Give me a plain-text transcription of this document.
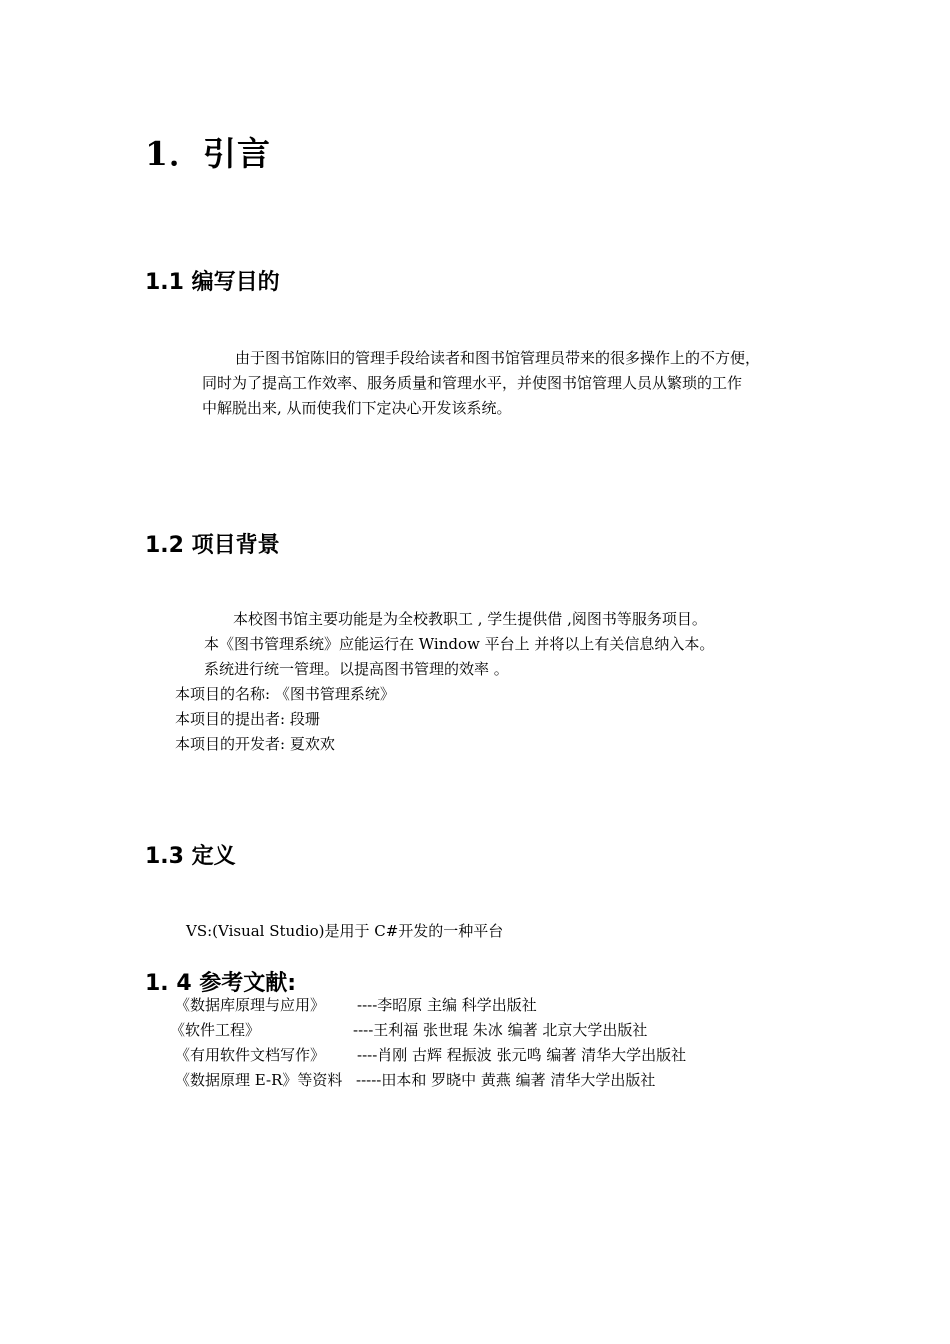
1．引言
1.1 编写目的
由于图书馆陈旧的管理手段给读者和图书馆管理员带来的很多操作上的不方便，
同时为了提高工作效率、服务质量和管理水平，并使图书馆管理人员从繁琐的工作
中解脱出来, 从而使我们下定决心开发该系统。
1.2 项目背景
本校图书馆主要功能是为全校教职工 , 学生提供借 ,阅图书等服务项目。
本《图书管理系统》应能运行在 Window 平台上 并将以上有关信息纳入本。
系统进行统一管理。以提高图书管理的效率 。
本项目的名称: 《图书管理系统》
本项目的提出者: 段珊
本项目的开发者: 夏欢欢
1.3 定义
VS:(Visual Studio)是用于 C#开发的一种平台
1. 4 参考文献:
《数据库原理与应用》 ----李昭原 主编 科学出版社
《软件工程》	----王利福 张世琨 朱冰 编著 北京大学出版社
《有用软件文档写作》 ----肖刚 古辉 程振波 张元鸣 编著 清华大学出版社
《数据原理 E-R》等资料 -----田本和 罗晓中 黄燕 编著 清华大学出版社
